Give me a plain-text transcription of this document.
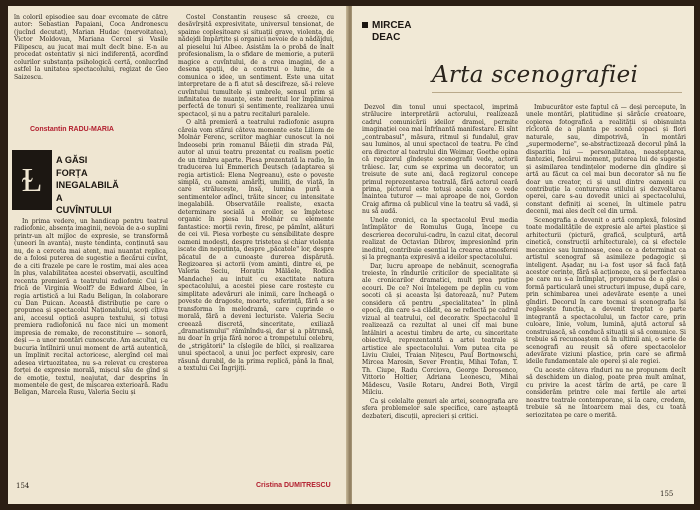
în coloril episodiee sau doar evcomate de către autor: Sebastian Papaiani, Coca Andronescu (jucînd decutat), Marian Hudac (mervoitatea), Victor Moldovan, Mariana Cercel și Vasile Filipescu, au jucat mai mult decît bine. E-n au procedat ostentativ și nici indiferență, acordînd colurilor substanța psihologică certă, conlucrînd astfel la unitatea spectacolului, regizat de Geo Saizescu.

Constantin RADU-MARIA
Ɫ	A GĂSI FORȚA INEGALABILĂ A CUVÎNTULUI

În prima vedere, un handicap pentru teatrul radiofonic, absența imaginii, nevoia de a-o suplini printr-un alt mijloc de expresie, se transformă (uneori în avanta), nuște tendința, conținută sau nu, de a cerceta mai atent, mai nuanțat replica, de a folosi puterea de sugestie a fiecărui cuvînt, de a citi frazele pe care le rostim, mai ales acea în plus, valabilitatea acestei observații, ascultînd recenta premieră a teatrului radiofonic Cui i-e frică de Virginia Woolf? de Edward Albee, în regia artistică a lui Radu Beligan, în colaborare cu Dan Puican. Această distribuție pe care o propunea și spectacolul Naționalului, scoți cîțiva ani, accesul optică asupra textului, și totuși premiera radiofonică nu face nici un moment impresia de remake, de reconstituire — sonoră, deși — a unor montări cunoscute. Am ascultat, cu bucuria întîlnirii unui moment de artă autentică, un împlinit recital actoricesc, alergînd cel mai adesea virtuozitatea, nu s-a relevat cu creșterea forței de expresie morală, mișcul său de gînd și de emoție, textul, neajutat, dar desprins în momentele de gest, de mișcarea exterioară. Radu Beligan, Marcela Rusu, Valeria Seciu și

Costel Constantin reușesc să creeze, cu desăvîrșită expresivitate, universul tensionat, de spaime copleșitoare și situații grave, violența, de nădejdi împărțite și organici nevoie de a nădăjdui, al pieselui lui Albee. Asistăm la o probă de înalt profesionalism, la o sfidare de memorie, a puterii magice a cuvîntului, de a crea imagini, de a desena spații, de a construi o lume, de a comunica o idee, un sentiment. Este una uitat interpretare de a fi atut să descifreze, să-i releve cuvîntului tumultele și umbrele, sensul prim și infinitatea de nuanțe, este meritul lor împlinirea perfectă de tonuri și sentimente, realizarea unui spectacol, și nu a patru recitaluri paralele.

O altă premieră a teatrului radiofonic asupra căreia vom stărui câteva momente este Liliom de Molnár Ferenc, scriitor maghiar cunoscut la noi îndeosebi prin romanul Băieții din strada Pál, autor al unui teatru prezentat cu realism poetic de un timbru aparte. Piesa prezentată la radio, în traducerea lui Emmerich Deutsch (adaptarea și regia artistică: Elena Negreanu), este o poveste simplă, cu oameni amărîți, umiliți, de viață, în care strălucește, însă, lumina pură a sentimentelor adînci, trăite sincer, cu intensitate inegalabilă. Observatăile realiste, exacta determinare socială a eroilor, se împletesc organic în piesa lui Molnár cu elemente fantastice: morții revin, firesc, pe pămînt, alături de cei vii. Piesa vorbește cu sensibilitate despre oameni modești, despre tristețea și chiar violența iscate din neputința, despre „păcatele" lor, despre păcatul de a cunoaște durerea dispărută. Regizoarea și actorii (vom aminti, dintre ei, pe Valeria Seciu, Horațiu Mălăele, Rodica Mandache) au intuit cu exactitate natura spectacolului, a acestei piese care rostește cu simplitate adevăruri ale inimii, care încheagă o poveste de dragoste, moarte, suferință, fără a se transforma în melodramă, care cuprinde o morală, fără a deveni lecturiste. Valeria Seciu creează discretă, sinceritate, exiliază „dramatismului" rămînîndu-și, dar și a pătrunsă, nu doar în grija fără noroc a trompetului celebru, de „strigătorii" la cîșlegile de bîlci, și realizarea unui spectacol, a unui joc perfect expresiv, care răsună durabil, de la prima replică, până la final, a textului Cei Îngrijiți.

Cristina DUMITRESCU
154
MIRCEA
DEAC
Arta scenografiei

Dezvol din tonul unui spectacol, imprimă strălucire interpretării actorului, realizează cadrul comunicării ideilor dramei, permite imaginației cea mai înfrînantă manifestare. Ei sînt „contrabasul", măsura, ritmul și fundalul, grav sau luminos, al unui spectacol de teatru. Pe cînd era director al teatrului din Weimar, Goethe opina că regizorul gîndește scenografii vede, actorii trăiesc. Iar, cum se exprima un decorator, un treisute de sute ani, dacă regizorul concepe primul reprezentarea teatrală, fără actorul ceară prima, pictorul este totuși acela care o vede înaintea tuturor — mai aproape de noi, Gordon Craig afirma că publicul vine la teatru să vadă, și nu să audă.

Unele cronici, ca la spectacolul Evul media întîmplător de Romulus Guga, începe cu descrierea decorului-cadru, în cazul citat, decorul realizat de Octavian Dibrov, impresionînd prin ineditul, contribuie esențial la crearea atmosferei și la pregnanța expresivă a ideilor spectacolului.

Dar, lucru aproape de nebănuit, scenografia treieste, în rîndurile criticilor de specialitate și ale cronicarilor dramatici, mult prea puține ecouri. De ce? Noi înțelegem pe deplin cu vom socoti că și aceasta își datorează, nu? Putem considera că pentru „specialitatea" în plină epocă, din care s-a clădit, ea se reflectă pe cadrul vizual al teatrului, cel decorativ. Spectacolul îl realizează ca rezultat al unei cît mai bune întâlniri a acestui timbru de arte, cu sinceritate obiectivă, reprezentantă a artei teatrale și artistice ale spectacolului. Vom putea cita pe Liviu Ciulei, Traian Nițescu, Paul Bortnowschi, Mircea Marosin, Sever Frențiu, Mihai Tofan, T. Th. Ciupe, Radu Corciova, George Doroșenco, Vittorio Holtier, Adriana Leonescu, Mihai Mădescu, Vasile Rotaru, Andrei Both, Virgil Milciu.

Ca și celelalte genuri ale artei, scenografia are sfera problemelor sale specifice, care așteaptă dezbateri, discuții, aprecieri și critici.

Îmbucurător este faptul că — deși percepute, în unele montări, platitudine și sărăcie creatoare, copierea fotografică a realității și obișnuința rîcîcotă de a planta pe scenă copaci și flori naturale, sau, dimpotrivă, în montări „supermoderne", se-abstractizează decorul pînă la disparitia lui — personalitatea, neașteptarea, fanteziei, fiecărui moment, puterea lui de sugestie și asimilarea tendințelor moderne din gîndire și artă au făcut ca cel mai bun decorator să nu fie doar un creator, ci și unul dintre oamenii cu contribuție la conturarea stilului și dezvoltarea operei, care s-au dovedit unici ai spectacolului, constant definiți ai scenei, în ultimele patru decenii, mai ales decît cel din urmă.

Scenografia a devenit o artă complexă, folosind toate modalitățile de expresie ale artei plastice și arhitecturii (pictură, grafică, sculptură, artă cinetică, construcții arhitecturale), ca și efectele mecanice sau luminoase, ceea ce a determinat ca artistul scenograf să asimileze pedagogic și inteligent. Așadar, nu i-a fost ușor să facă față acestor cerințe, fără să acționeze, ca și perfectarea pe care nu s-a întîmplat, propunerea de a găsi o formă particulară unei structuri impuse, după care, prin schimbarea unei adevărate esențe a unei gîndiri. Decorul în care tocmai și scenografia își regăsește funcția, a devenit treptat o parte integrantă a spectacolului, un factor care, prin culoare, linie, volum, lumină, ajută actorul să construiască, să conducă situații și să comunice. Și trebuie să recunoaștem că în ultimii ani, o serie de scenografi au reușit să ofere spectacolelor adevărate viziuni plastice, prin care se afirmă ideile fundamentale ale operei și ale regiei.

Cu aceste câteva rînduri nu ne propunem decît să deschidem un dialog, poate prea mult amînat, cu privire la acest tărîm de artă, pe care îl considerăm printre cele mai fertile ale artei noastre teatrale contemporane, și la care, credem, trebuie să ne întoarcem mai des, cu toată seriozitatea pe care o merită.

155
